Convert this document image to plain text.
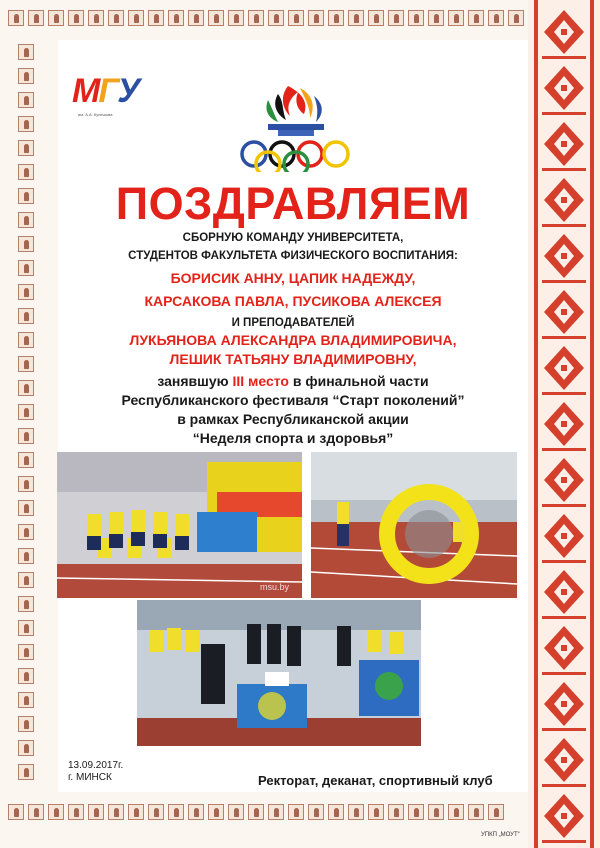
МГУ
им. А.А. Кулешова
ПОЗДРАВЛЯЕМ
СБОРНУЮ КОМАНДУ УНИВЕРСИТЕТА,
СТУДЕНТОВ ФАКУЛЬТЕТА ФИЗИЧЕСКОГО ВОСПИТАНИЯ:
БОРИСИК АННУ, ЦАПИК НАДЕЖДУ,
КАРСАКОВА ПАВЛА, ПУСИКОВА АЛЕКСЕЯ
И ПРЕПОДАВАТЕЛЕЙ
ЛУКЬЯНОВА АЛЕКСАНДРА ВЛАДИМИРОВИЧА,
ЛЕШИК ТАТЬЯНУ ВЛАДИМИРОВНУ,
занявшую III место в финальной части
Республиканского фестиваля “Старт поколений”
в рамках Республиканской акции
“Неделя спорта и здоровья”
msu.by
13.09.2017г.
г. МИНСК	Ректорат, деканат, спортивный клуб
УПКП „МОУТ“
